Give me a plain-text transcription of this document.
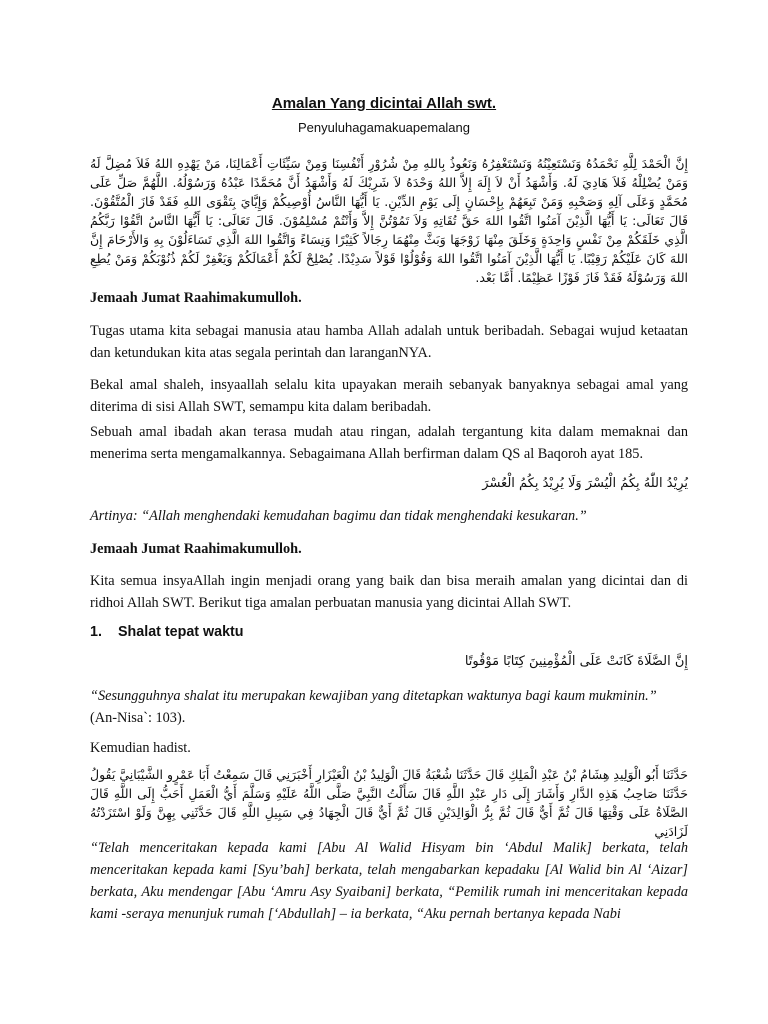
Amalan Yang dicintai Allah swt.
Penyuluhagamakuapemalang
إِنَّ الْحَمْدَ لِلَّهِ نَحْمَدُهُ وَنَسْتَعِيْنُهُ وَنَسْتَغْفِرُهُ وَنَعُوذُ بِاللهِ مِنْ شُرُوْرِ أَنْفُسِنَا وَمِنْ سَيِّئَاتِ أَعْمَالِنَا، مَنْ يَهْدِهِ اللهُ فَلاَ مُضِلَّ لَهُ وَمَنْ يُضْلِلْهُ فَلاَ هَادِيَ لَهُ. وَأَشْهَدُ أَنْ لاَ إِلَهَ إِلاَّ اللهُ وَحْدَهُ لاَ شَرِيْكَ لَهُ وَأَشْهَدُ أَنَّ مُحَمَّدًا عَبْدُهُ وَرَسُوْلُهُ. اللَّهُمَّ صَلِّ عَلَى مُحَمَّدٍ وَعَلَى آلِهِ وَصَحْبِهِ وَمَنْ تَبِعَهُمْ بِإِحْسَانٍ إِلَى يَوْمِ الدِّيْنِ. يَا أَيُّهَا النَّاسُ أُوْصِيكُمْ وَإِيَّايَ بِتَقْوَى اللهِ فَقَدْ فَازَ الْمُتَّقُوْنَ. قَالَ تَعَالَى: يَا أَيُّهَا الَّذِيْنَ آمَنُوا اتَّقُوا اللهَ حَقَّ تُقَاتِهِ وَلاَ تَمُوْتُنَّ إِلاَّ وَأَنْتُمْ مُسْلِمُوْنَ. قَالَ تَعَالَى: يَا أَيُّهَا النَّاسُ اتَّقُوْا رَبَّكُمُ الَّذِي خَلَقَكُمْ مِنْ نَفْسٍ وَاحِدَةٍ وَخَلَقَ مِنْهَا زَوْجَهَا وَبَثَّ مِنْهُمَا رِجَالاً كَثِيْرًا وَنِسَاءً وَاتَّقُوا اللهَ الَّذِي تَسَاءَلُوْنَ بِهِ وَالأَرْحَامَ إِنَّ اللهَ كَانَ عَلَيْكُمْ رَقِيْبًا. يَا أَيُّهَا الَّذِيْنَ آمَنُوا اتَّقُوا اللهَ وَقُوْلُوْا قَوْلاً سَدِيْدًا. يُصْلِحْ لَكُمْ أَعْمَالَكُمْ وَيَغْفِرْ لَكُمْ ذُنُوْبَكُمْ وَمَنْ يُطِعِ اللهَ وَرَسُوْلَهُ فَقَدْ فَازَ فَوْزًا عَظِيْمًا. أَمَّا بَعْد.
Jemaah Jumat Raahimakumulloh.
Tugas utama kita sebagai manusia atau hamba Allah adalah untuk beribadah. Sebagai wujud ketaatan dan ketundukan kita atas segala perintah dan laranganNYA.
Bekal amal shaleh, insyaallah selalu kita upayakan meraih sebanyak banyaknya sebagai amal yang diterima di sisi Allah SWT, semampu kita dalam beribadah.
Sebuah amal ibadah akan terasa mudah atau ringan, adalah tergantung kita dalam memaknai dan menerima serta mengamalkannya. Sebagaimana Allah berfirman dalam QS al Baqoroh ayat 185.
يُرِيْدُ اللّٰهُ بِكُمُ الْيُسْرَ وَلَا يُرِيْدُ بِكُمُ الْعُسْرَ
Artinya: “Allah menghendaki kemudahan bagimu dan tidak menghendaki kesukaran.”
Jemaah Jumat Raahimakumulloh.
Kita semua insyaAllah ingin menjadi orang yang baik dan bisa meraih amalan yang dicintai dan di ridhoi Allah SWT. Berikut tiga amalan perbuatan manusia yang dicintai Allah SWT.
1. Shalat tepat waktu
إِنَّ الصَّلَاةَ كَانَتْ عَلَى الْمُؤْمِنِينَ كِتَابًا مَوْقُوتًا
“Sesungguhnya shalat itu merupakan kewajiban yang ditetapkan waktunya bagi kaum mukminin.”
(An-Nisa`: 103).
Kemudian hadist.
حَدَّثَنَا أَبُو الْوَلِيدِ هِشَامُ بْنُ عَبْدِ الْمَلِكِ قَالَ حَدَّثَنَا شُعْبَةُ قَالَ الْوَلِيدُ بْنُ الْعَيْزَارِ أَخْبَرَنِي قَالَ سَمِعْتُ أَبَا عَمْرٍو الشَّيْبَانِيَّ يَقُولُ حَدَّثَنَا صَاحِبُ هَذِهِ الدَّارِ وَأَشَارَ إِلَى دَارِ عَبْدِ اللَّهِ قَالَ سَأَلْتُ النَّبِيَّ صَلَّى اللَّهُ عَلَيْهِ وَسَلَّمَ أَيُّ الْعَمَلِ أَحَبُّ إِلَى اللَّهِ قَالَ الصَّلَاةُ عَلَى وَقْتِهَا قَالَ ثُمَّ أَيٌّ قَالَ ثُمَّ بِرُّ الْوَالِدَيْنِ قَالَ ثُمَّ أَيٌّ قَالَ الْجِهَادُ فِي سَبِيلِ اللَّهِ قَالَ حَدَّثَنِي بِهِنَّ وَلَوْ اسْتَزَدْتُهُ لَزَادَنِي
“Telah menceritakan kepada kami [Abu Al Walid Hisyam bin ‘Abdul Malik] berkata, telah menceritakan kepada kami [Syu’bah] berkata, telah mengabarkan kepadaku [Al Walid bin Al ‘Aizar] berkata, Aku mendengar [Abu ‘Amru Asy Syaibani] berkata, “Pemilik rumah ini menceritakan kepada kami -seraya menunjuk rumah [‘Abdullah] – ia berkata, “Aku pernah bertanya kepada Nabi
